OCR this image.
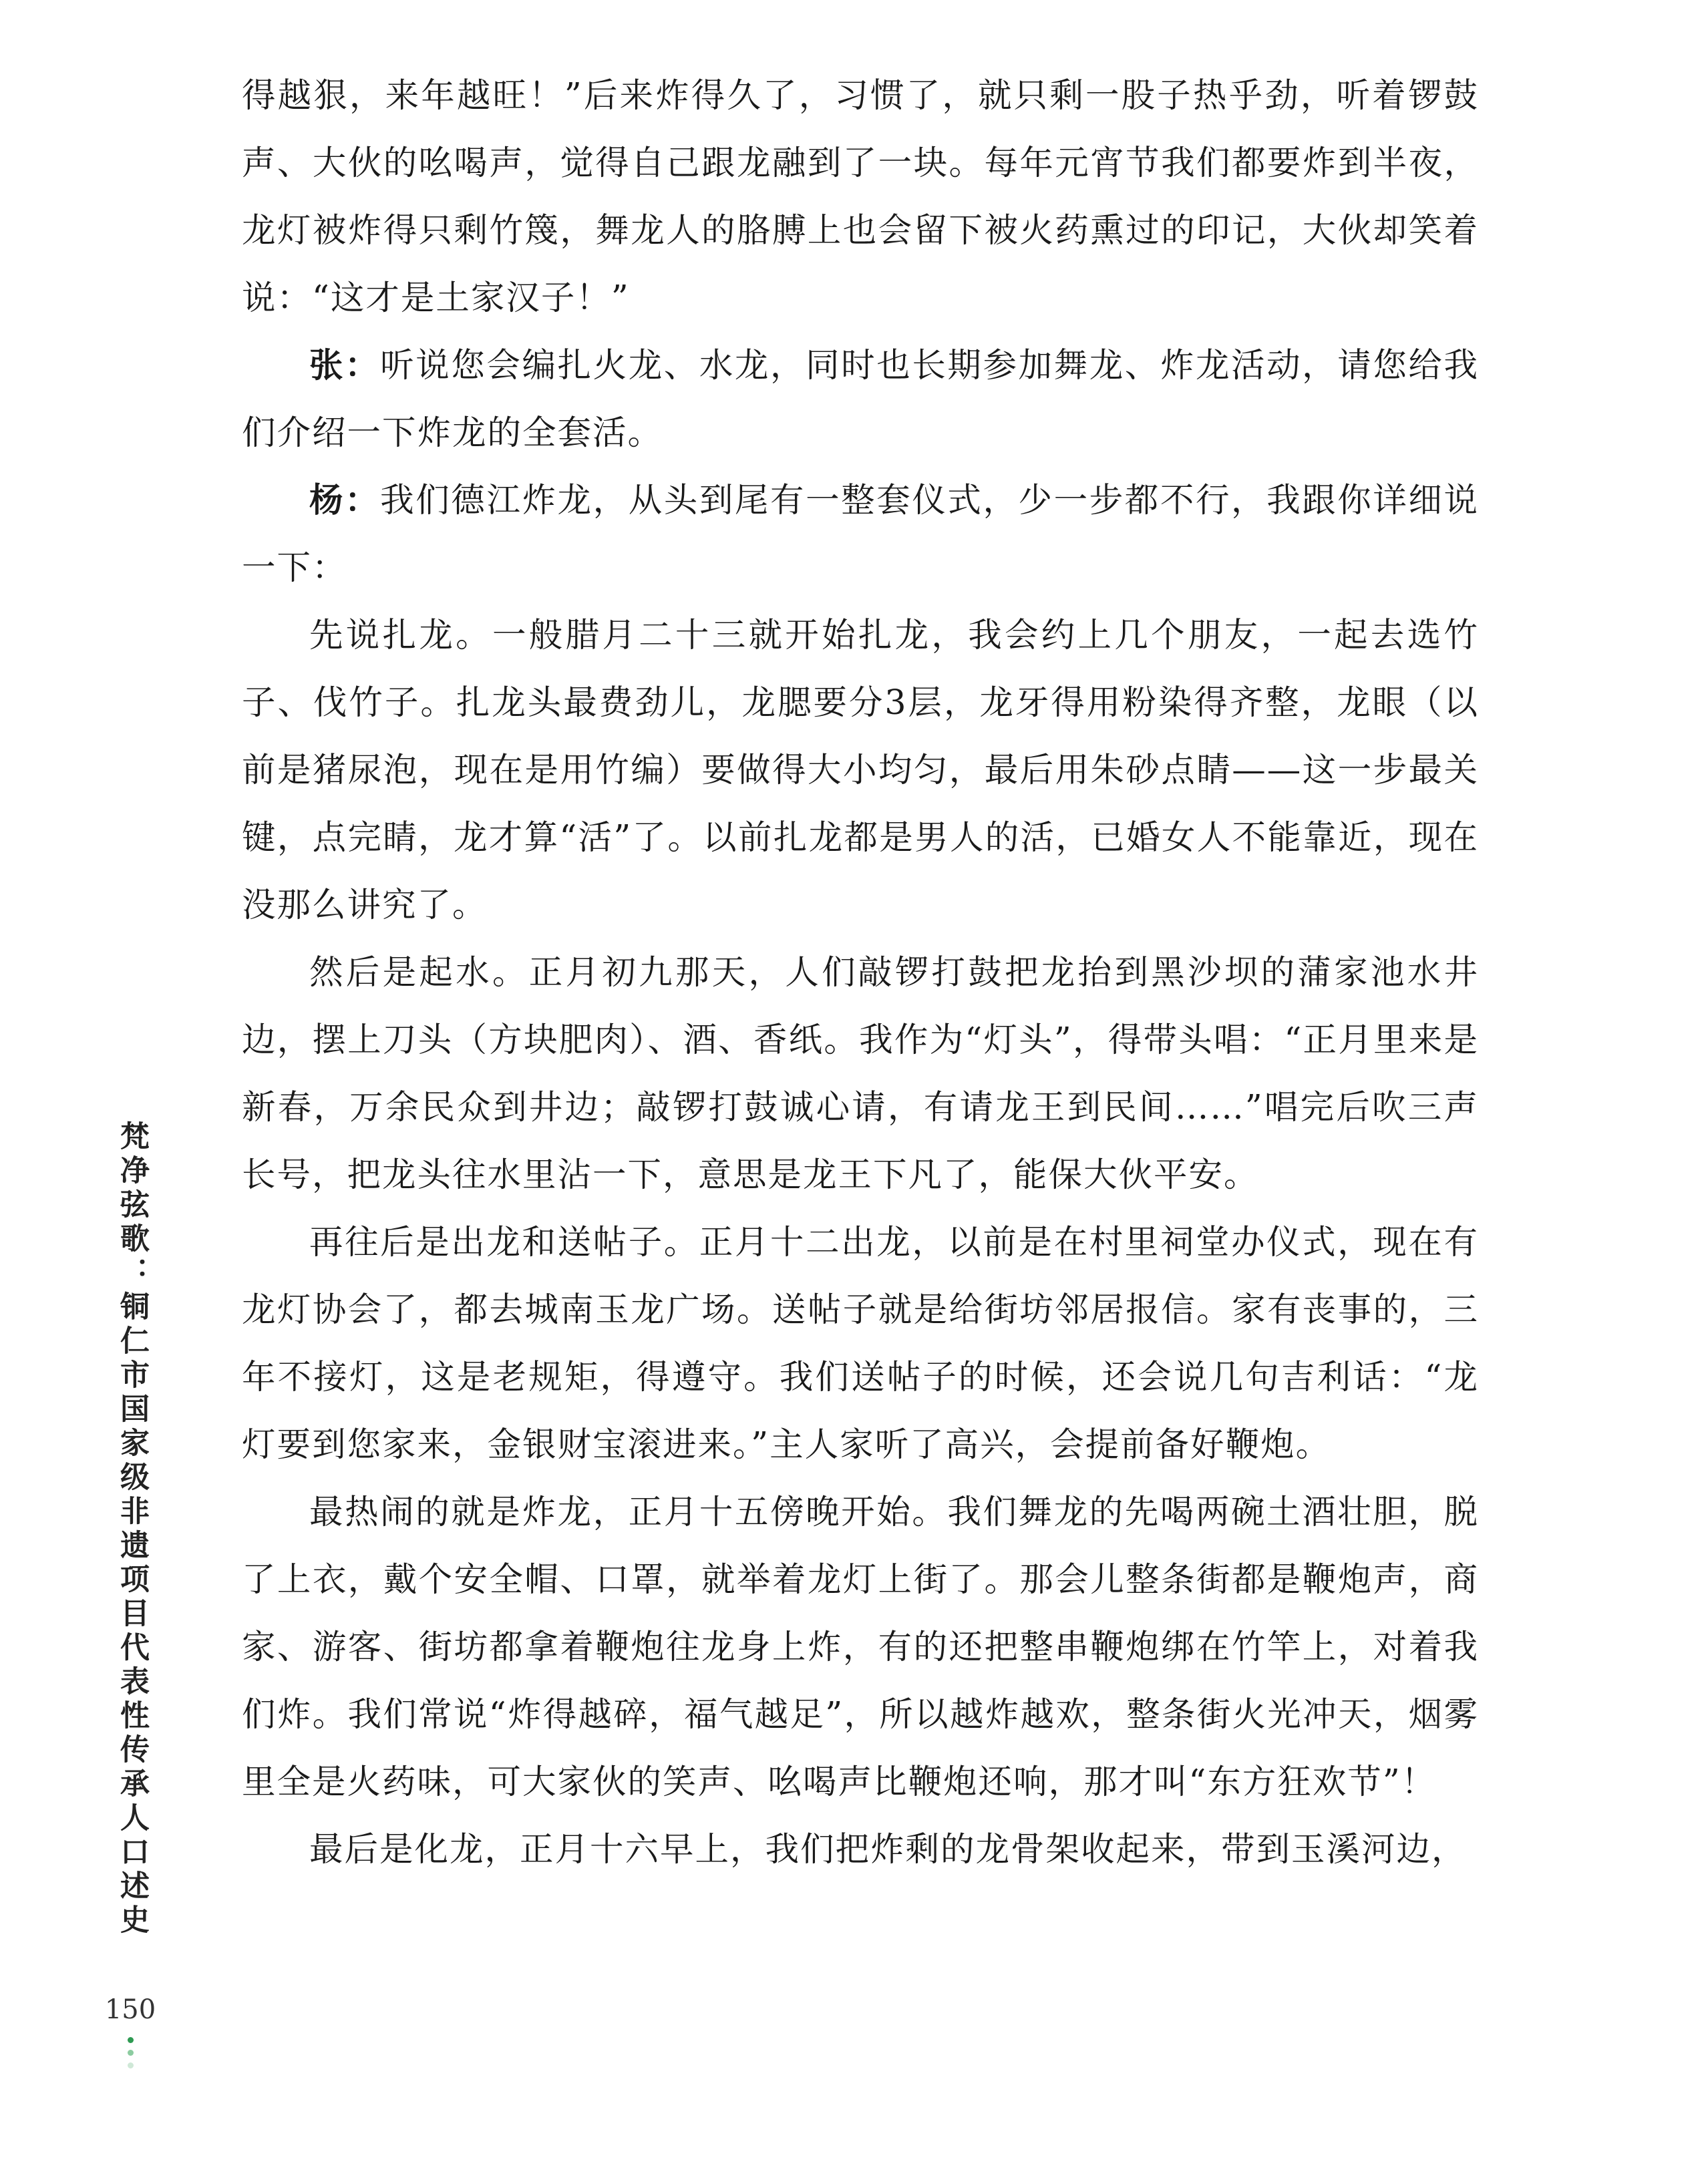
得越狠，来年越旺！”后来炸得久了，习惯了，就只剩一股子热乎劲，听着锣鼓声、大伙的吆喝声，觉得自己跟龙融到了一块。每年元宵节我们都要炸到半夜，龙灯被炸得只剩竹篾，舞龙人的胳膊上也会留下被火药熏过的印记，大伙却笑着说：“这才是土家汉子！”

张：听说您会编扎火龙、水龙，同时也长期参加舞龙、炸龙活动，请您给我们介绍一下炸龙的全套活。

杨：我们德江炸龙，从头到尾有一整套仪式，少一步都不行，我跟你详细说一下：

先说扎龙。一般腊月二十三就开始扎龙，我会约上几个朋友，一起去选竹子、伐竹子。扎龙头最费劲儿，龙腮要分3层，龙牙得用粉染得齐整，龙眼（以前是猪尿泡，现在是用竹编）要做得大小均匀，最后用朱砂点睛——这一步最关键，点完睛，龙才算“活”了。以前扎龙都是男人的活，已婚女人不能靠近，现在没那么讲究了。

然后是起水。正月初九那天，人们敲锣打鼓把龙抬到黑沙坝的蒲家池水井边，摆上刀头（方块肥肉）、酒、香纸。我作为“灯头”，得带头唱：“正月里来是新春，万余民众到井边；敲锣打鼓诚心请，有请龙王到民间……”唱完后吹三声长号，把龙头往水里沾一下，意思是龙王下凡了，能保大伙平安。

再往后是出龙和送帖子。正月十二出龙，以前是在村里祠堂办仪式，现在有龙灯协会了，都去城南玉龙广场。送帖子就是给街坊邻居报信。家有丧事的，三年不接灯，这是老规矩，得遵守。我们送帖子的时候，还会说几句吉利话：“龙灯要到您家来，金银财宝滚进来。”主人家听了高兴，会提前备好鞭炮。

最热闹的就是炸龙，正月十五傍晚开始。我们舞龙的先喝两碗土酒壮胆，脱了上衣，戴个安全帽、口罩，就举着龙灯上街了。那会儿整条街都是鞭炮声，商家、游客、街坊都拿着鞭炮往龙身上炸，有的还把整串鞭炮绑在竹竿上，对着我们炸。我们常说“炸得越碎，福气越足”，所以越炸越欢，整条街火光冲天，烟雾里全是火药味，可大家伙的笑声、吆喝声比鞭炮还响，那才叫“东方狂欢节”！

最后是化龙，正月十六早上，我们把炸剩的龙骨架收起来，带到玉溪河边，

梵净弦歌：铜仁市国家级非遗项目代表性传承人口述史
150
